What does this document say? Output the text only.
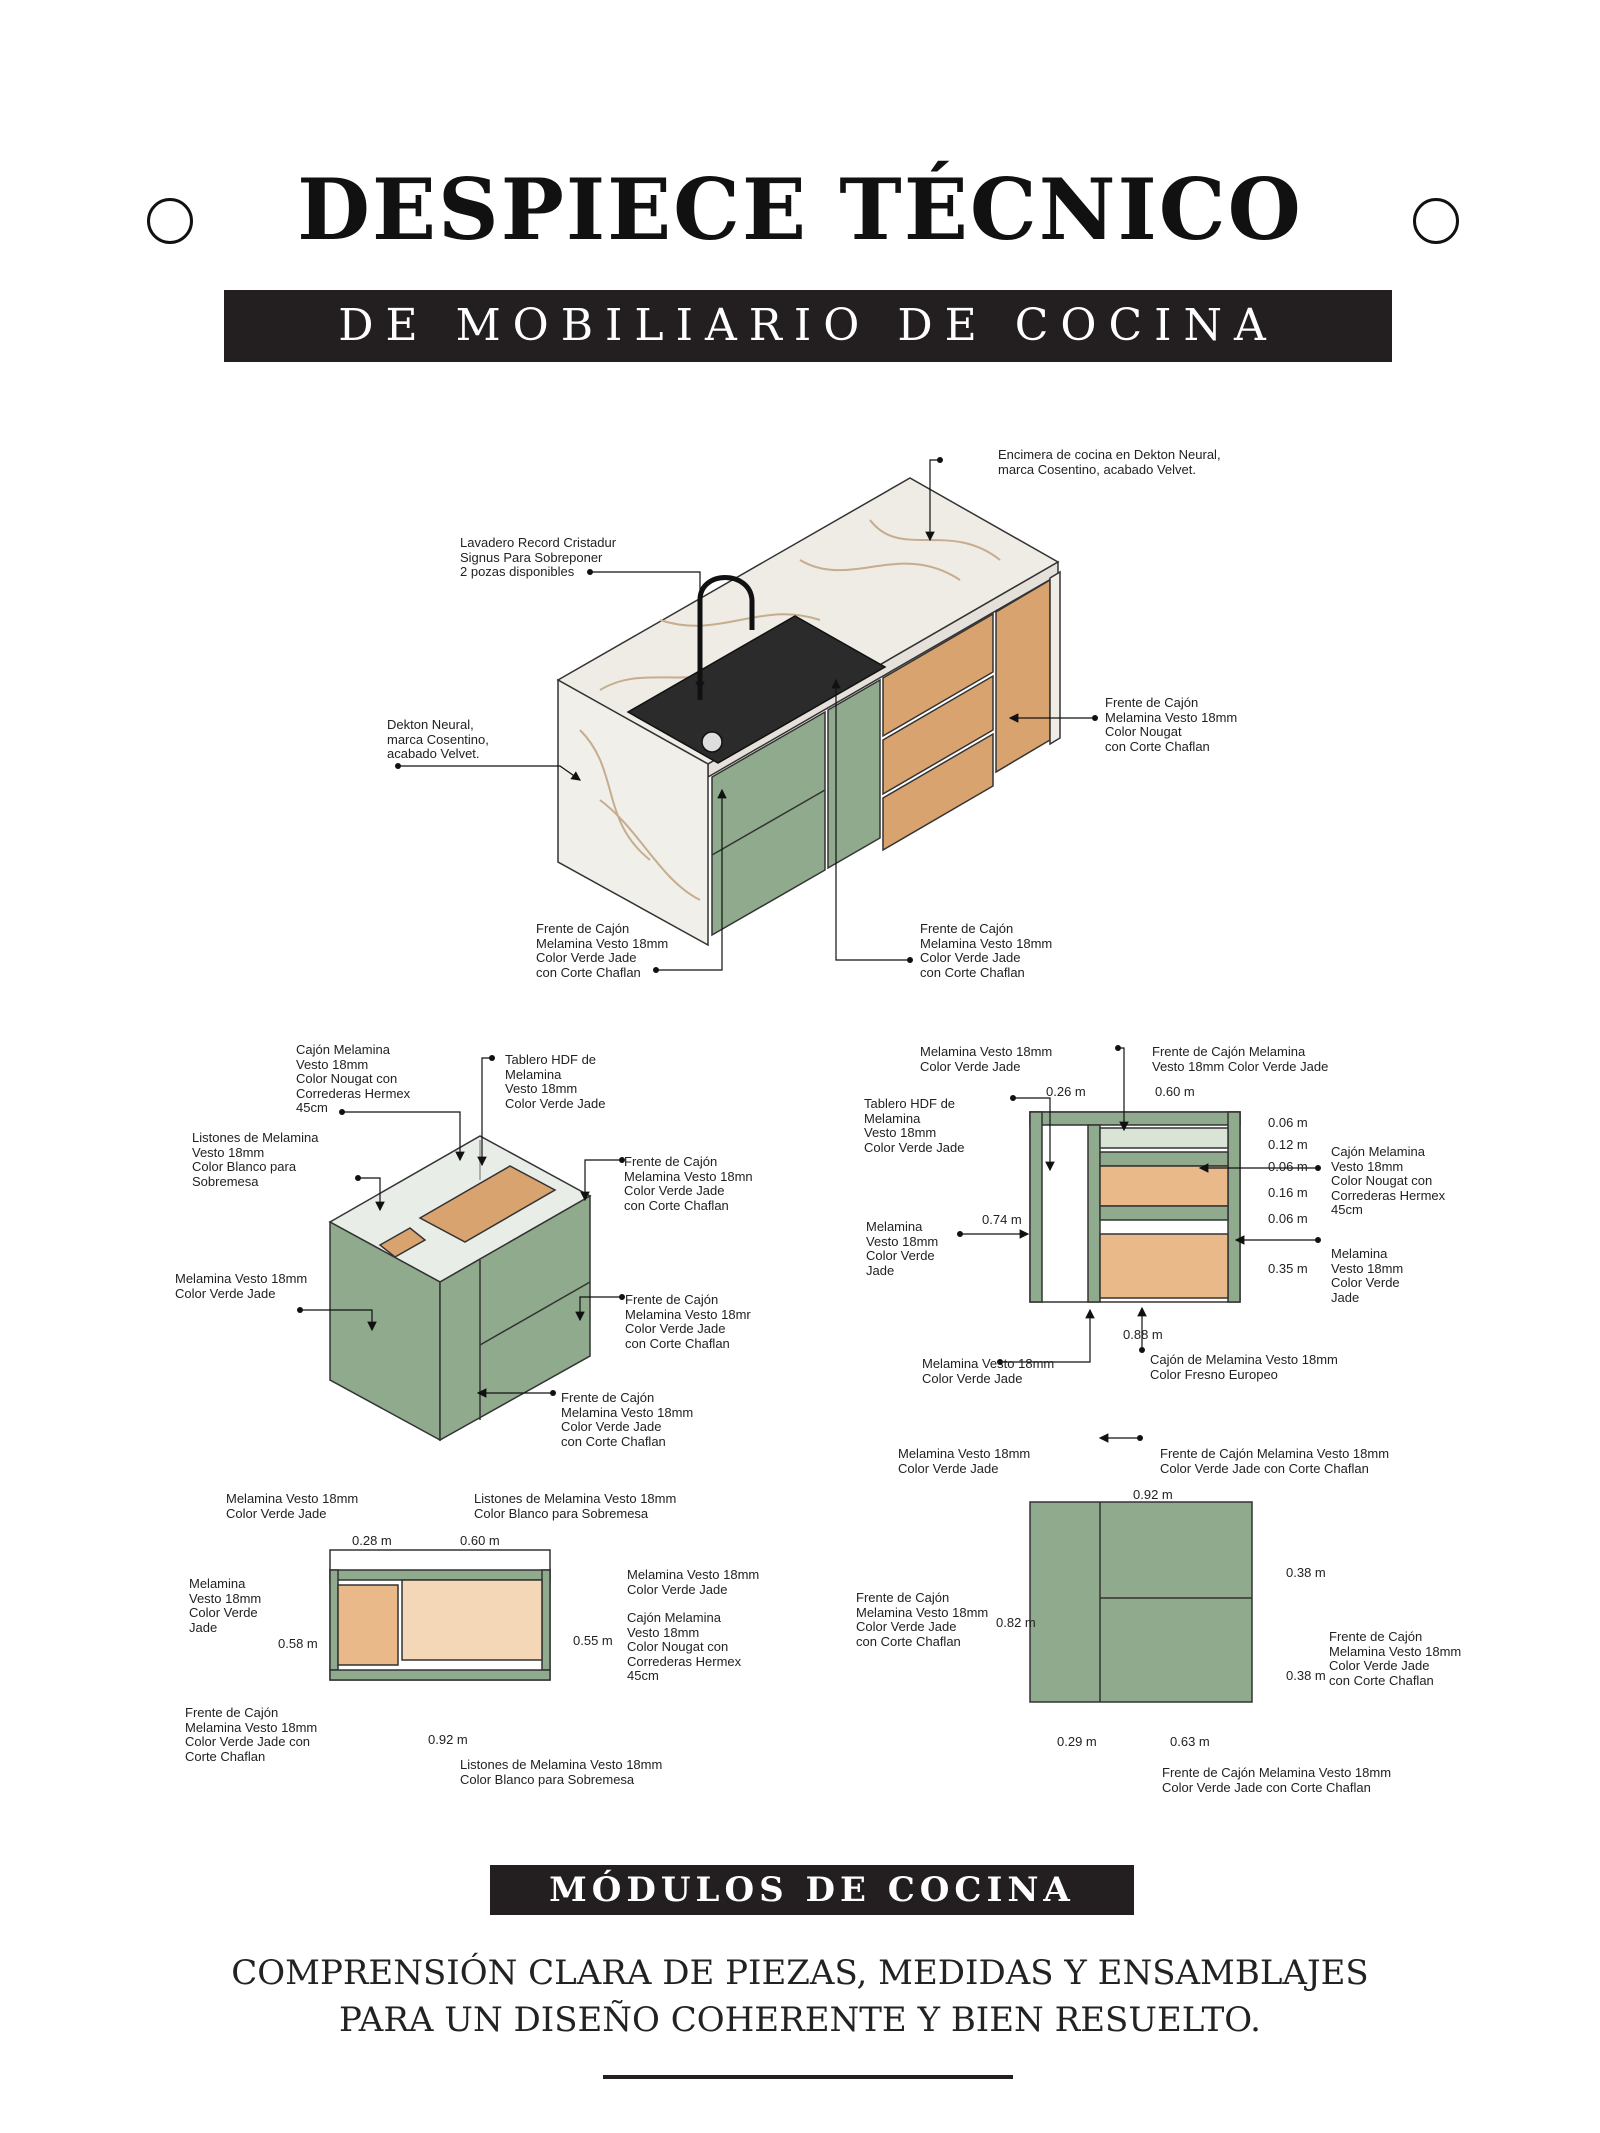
DESPIECE TÉCNICO
DE MOBILIARIO DE COCINA
Encimera de cocina en Dekton Neural,
marca Cosentino, acabado Velvet.
Lavadero Record Cristadur
Signus Para Sobreponer
2 pozas disponibles
Dekton Neural,
marca Cosentino,
acabado Velvet.
Frente de Cajón
Melamina Vesto 18mm
Color Nougat
con Corte Chaflan
Frente de Cajón
Melamina Vesto 18mm
Color Verde Jade
con Corte Chaflan
Frente de Cajón
Melamina Vesto 18mm
Color Verde Jade
con Corte Chaflan
Cajón Melamina
Vesto 18mm
Color Nougat con
Correderas Hermex
45cm
Tablero HDF de
Melamina
Vesto 18mm
Color Verde Jade
Listones de Melamina
Vesto 18mm
Color Blanco para
Sobremesa
Frente de Cajón
Melamina Vesto 18mn
Color Verde Jade
con Corte Chaflan
Melamina Vesto 18mm
Color Verde Jade	Frente de Cajón
Melamina Vesto 18mr
Color Verde Jade
con Corte Chaflan
Frente de Cajón
Melamina Vesto 18mm
Color Verde Jade
con Corte Chaflan
Melamina Vesto 18mm
Color Verde Jade
Frente de Cajón Melamina
Vesto 18mm Color Verde Jade
Tablero HDF de
Melamina
Vesto 18mm
Color Verde Jade	Cajón Melamina
Vesto 18mm
Color Nougat con
Correderas Hermex
45cm
Melamina
Vesto 18mm
Color Verde
Jade
Melamina
Vesto 18mm
Color Verde
Jade
Melamina Vesto 18mm
Color Verde Jade
Cajón de Melamina Vesto 18mm
Color Fresno Europeo
0.26 m	0.60 m
0.74 m
0.88 m
0.06 m
0.12 m
0.06 m
0.16 m
0.06 m
0.35 m
Melamina Vesto 18mm
Color Verde Jade
Listones de Melamina Vesto 18mm
Color Blanco para Sobremesa
Melamina
Vesto 18mm
Color Verde
Jade
Melamina Vesto 18mm
Color Verde Jade
Cajón Melamina
Vesto 18mm
Color Nougat con
Correderas Hermex
45cm
Frente de Cajón
Melamina Vesto 18mm
Color Verde Jade con
Corte Chaflan
Listones de Melamina Vesto 18mm
Color Blanco para Sobremesa
0.28 m	0.60 m
0.58 m	0.55 m
0.92 m
Melamina Vesto 18mm
Color Verde Jade
Frente de Cajón Melamina Vesto 18mm
Color Verde Jade con Corte Chaflan
Frente de Cajón
Melamina Vesto 18mm
Color Verde Jade
con Corte Chaflan	Frente de Cajón
Melamina Vesto 18mm
Color Verde Jade
con Corte Chaflan
Frente de Cajón Melamina Vesto 18mm
Color Verde Jade con Corte Chaflan
0.92 m
0.82 m
0.38 m
0.38 m
0.29 m	0.63 m
MÓDULOS DE COCINA
COMPRENSIÓN CLARA DE PIEZAS, MEDIDAS Y ENSAMBLAJES
PARA UN DISEÑO COHERENTE Y BIEN RESUELTO.
